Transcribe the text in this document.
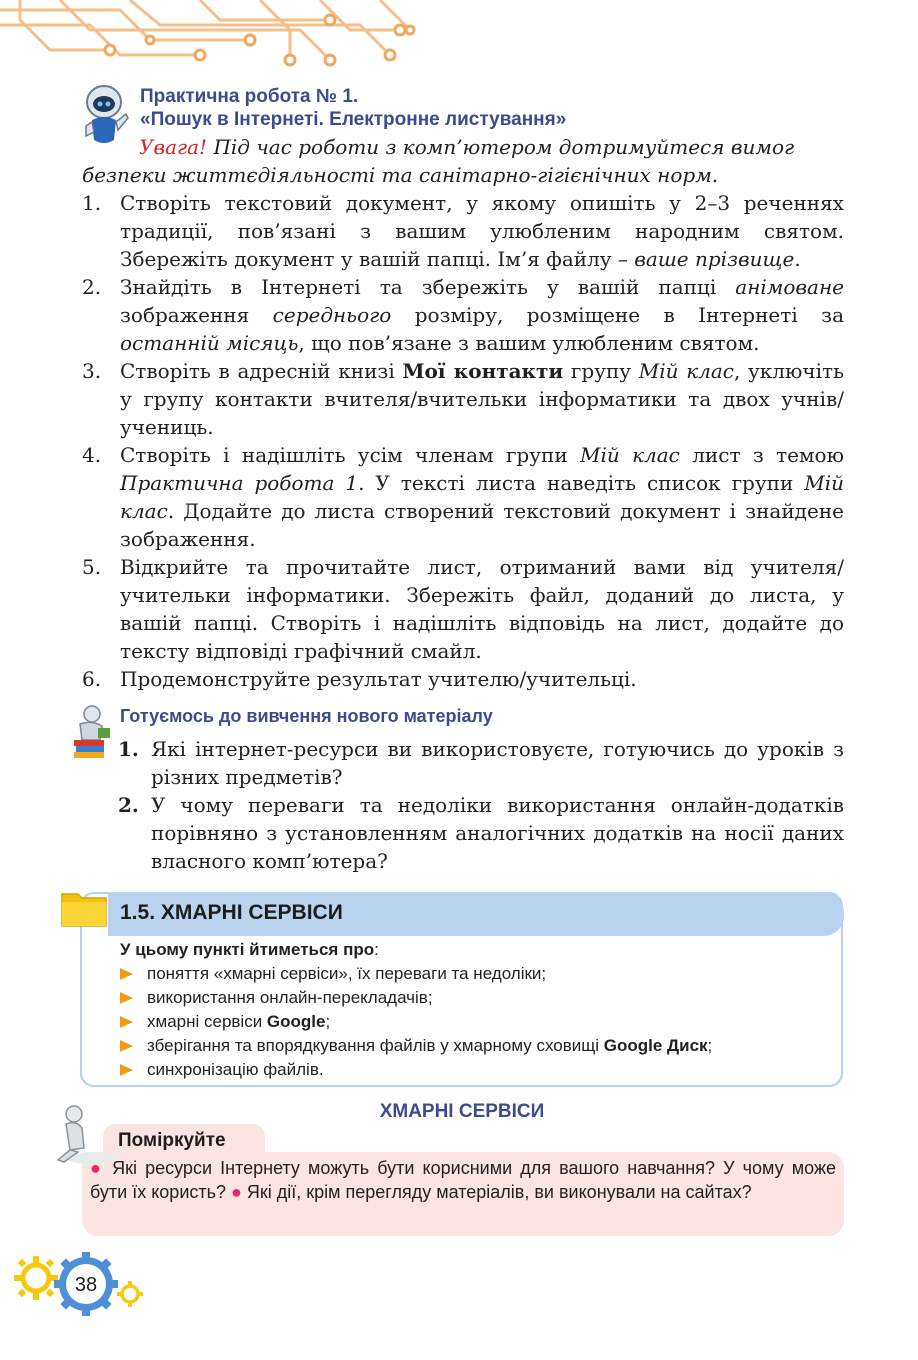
Практична робота № 1.
«Пошук в Інтернеті. Електронне листування»
Увага! Під час роботи з комп’ютером дотримуйтеся вимог
безпеки життєдіяльності та санітарно-гігієнічних норм.
1. Створіть текстовий документ, у якому опишіть у 2–3 реченнях традиції, пов’язані з вашим улюбленим народним святом. Збережіть документ у вашій папці. Ім’я файлу – ваше прізвище.
2. Знайдіть в Інтернеті та збережіть у вашій папці анімоване зображення середнього розміру, розміщене в Інтернеті за останній місяць, що пов’язане з вашим улюбленим святом.
3. Створіть в адресній книзі Мої контакти групу Мій клас, уключіть у групу контакти вчителя/вчительки інформатики та двох учнів/учениць.
4. Створіть і надішліть усім членам групи Мій клас лист з темою Практична робота 1. У тексті листа наведіть список групи Мій клас. Додайте до листа створений текстовий документ і знайдене зображення.
5. Відкрийте та прочитайте лист, отриманий вами від учителя/учительки інформатики. Збережіть файл, доданий до листа, у вашій папці. Створіть і надішліть відповідь на лист, додайте до тексту відповіді графічний смайл.
6. Продемонструйте результат учителю/учительці.
Готуємось до вивчення нового матеріалу
1. Які інтернет-ресурси ви використовуєте, готуючись до уроків з різних предметів?
2. У чому переваги та недоліки використання онлайн-додатків порівняно з установленням аналогічних додатків на носії даних власного комп’ютера?
1.5. ХМАРНІ СЕРВІСИ
У цьому пункті йтиметься про:
поняття «хмарні сервіси», їх переваги та недоліки;
використання онлайн-перекладачів;
хмарні сервіси Google;
зберігання та впорядкування файлів у хмарному сховищі Google Диск;
синхронізацію файлів.
ХМАРНІ СЕРВІСИ
Поміркуйте
● Які ресурси Інтернету можуть бути корисними для вашого навчання? У чому може бути їх користь? ● Які дії, крім перегляду матеріалів, ви виконували на сайтах?
38
